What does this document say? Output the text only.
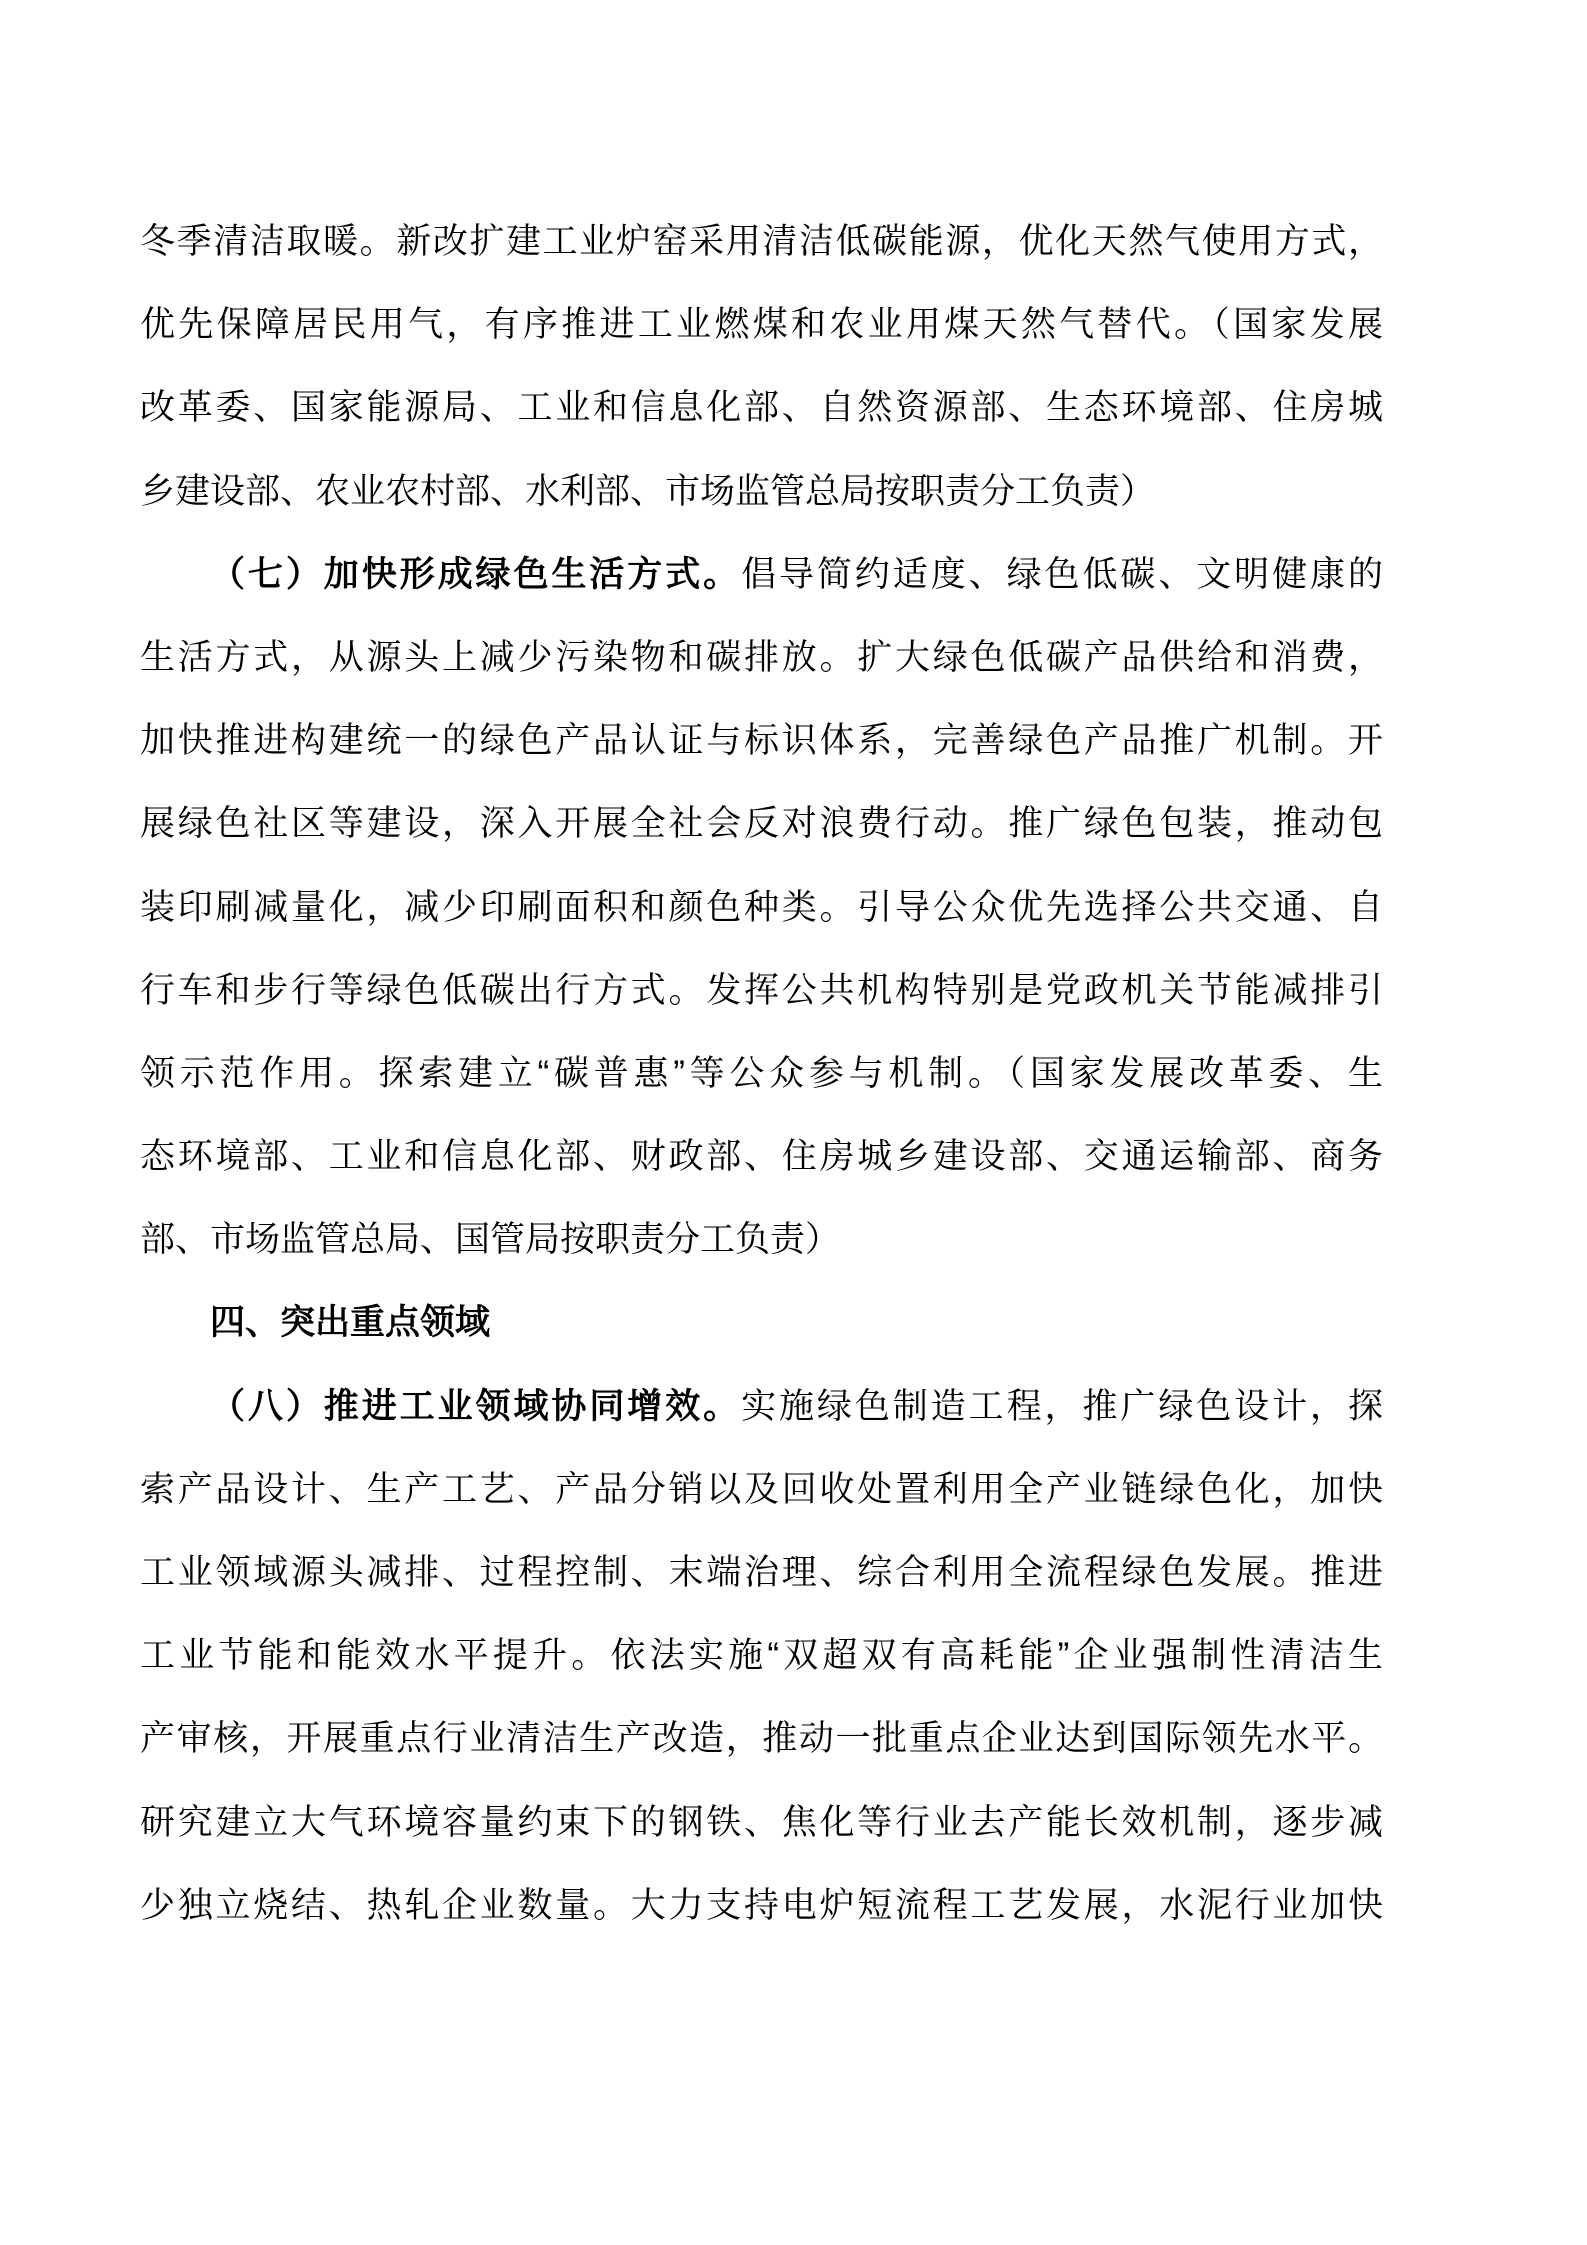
冬季清洁取暖。新改扩建工业炉窑采用清洁低碳能源，优化天然气使用方式，
优先保障居民用气，有序推进工业燃煤和农业用煤天然气替代。（国家发展
改革委、国家能源局、工业和信息化部、自然资源部、生态环境部、住房城
乡建设部、农业农村部、水利部、市场监管总局按职责分工负责）
（七）加快形成绿色生活方式。倡导简约适度、绿色低碳、文明健康的
生活方式，从源头上减少污染物和碳排放。扩大绿色低碳产品供给和消费，
加快推进构建统一的绿色产品认证与标识体系，完善绿色产品推广机制。开
展绿色社区等建设，深入开展全社会反对浪费行动。推广绿色包装，推动包
装印刷减量化，减少印刷面积和颜色种类。引导公众优先选择公共交通、自
行车和步行等绿色低碳出行方式。发挥公共机构特别是党政机关节能减排引
领示范作用。探索建立“碳普惠”等公众参与机制。（国家发展改革委、生
态环境部、工业和信息化部、财政部、住房城乡建设部、交通运输部、商务
部、市场监管总局、国管局按职责分工负责）
四、突出重点领域
（八）推进工业领域协同增效。实施绿色制造工程，推广绿色设计，探
索产品设计、生产工艺、产品分销以及回收处置利用全产业链绿色化，加快
工业领域源头减排、过程控制、末端治理、综合利用全流程绿色发展。推进
工业节能和能效水平提升。依法实施“双超双有高耗能”企业强制性清洁生
产审核，开展重点行业清洁生产改造，推动一批重点企业达到国际领先水平。
研究建立大气环境容量约束下的钢铁、焦化等行业去产能长效机制，逐步减
少独立烧结、热轧企业数量。大力支持电炉短流程工艺发展，水泥行业加快
